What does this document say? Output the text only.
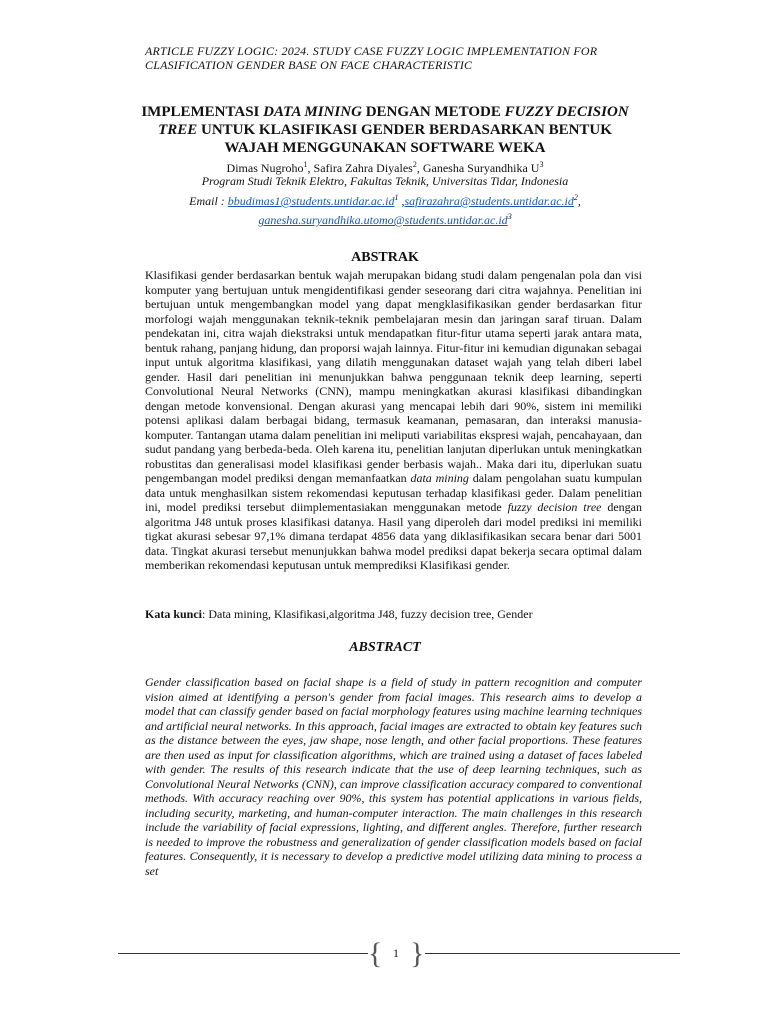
ARTICLE FUZZY LOGIC: 2024. STUDY CASE FUZZY LOGIC IMPLEMENTATION FOR CLASIFICATION GENDER BASE ON FACE CHARACTERISTIC
IMPLEMENTASI DATA MINING DENGAN METODE FUZZY DECISION TREE UNTUK KLASIFIKASI GENDER BERDASARKAN BENTUK WAJAH MENGGUNAKAN SOFTWARE WEKA
Dimas Nugroho$^1$, Safira Zahra Diyales$^2$, Ganesha Suryandhika $U^3$
Program Studi Teknik Elektro, Fakultas Teknik, Universitas Tidar, Indonesia
Email : $bbudimas1@students.untidar.ac.id^1$ $,safirazahra@students.untidar.ac.id^2$,
$ganesha.suryandhika.utomo@students.untidar.ac.id^3$
ABSTRAK
Klasifikasi gender berdasarkan bentuk wajah merupakan bidang studi dalam pengenalan pola dan visi komputer yang bertujuan untuk mengidentifikasi gender seseorang dari citra wajahnya. Penelitian ini bertujuan untuk mengembangkan model yang dapat mengklasifikasikan gender berdasarkan fitur morfologi wajah menggunakan teknik-teknik pembelajaran mesin dan jaringan saraf tiruan. Dalam pendekatan ini, citra wajah diekstraksi untuk mendapatkan fitur-fitur utama seperti jarak antara mata, bentuk rahang, panjang hidung, dan proporsi wajah lainnya. Fitur-fitur ini kemudian digunakan sebagai input untuk algoritma klasifikasi, yang dilatih menggunakan dataset wajah yang telah diberi label gender. Hasil dari penelitian ini menunjukkan bahwa penggunaan teknik deep learning, seperti Convolutional Neural Networks (CNN), mampu meningkatkan akurasi klasifikasi dibandingkan dengan metode konvensional. Dengan akurasi yang mencapai lebih dari 90%, sistem ini memiliki potensi aplikasi dalam berbagai bidang, termasuk keamanan, pemasaran, dan interaksi manusia-komputer. Tantangan utama dalam penelitian ini meliputi variabilitas ekspresi wajah, pencahayaan, dan sudut pandang yang berbeda-beda. Oleh karena itu, penelitian lanjutan diperlukan untuk meningkatkan robustitas dan generalisasi model klasifikasi gender berbasis wajah.. Maka dari itu, diperlukan suatu pengembangan model prediksi dengan memanfaatkan data mining dalam pengolahan suatu kumpulan data untuk menghasilkan sistem rekomendasi keputusan terhadap klasifikasi geder. Dalam penelitian ini, model prediksi tersebut diimplementasiakan menggunakan metode fuzzy decision tree dengan algoritma J48 untuk proses klasifikasi datanya. Hasil yang diperoleh dari model prediksi ini memiliki tigkat akurasi sebesar 97,1% dimana terdapat 4856 data yang diklasifikasikan secara benar dari 5001 data. Tingkat akurasi tersebut menunjukkan bahwa model prediksi dapat bekerja secara optimal dalam memberikan rekomendasi keputusan untuk memprediksi Klasifikasi gender.
Kata kunci: Data mining, Klasifikasi,algoritma J48, fuzzy decision tree, Gender
ABSTRACT
Gender classification based on facial shape is a field of study in pattern recognition and computer vision aimed at identifying a person's gender from facial images. This research aims to develop a model that can classify gender based on facial morphology features using machine learning techniques and artificial neural networks. In this approach, facial images are extracted to obtain key features such as the distance between the eyes, jaw shape, nose length, and other facial proportions. These features are then used as input for classification algorithms, which are trained using a dataset of faces labeled with gender. The results of this research indicate that the use of deep learning techniques, such as Convolutional Neural Networks (CNN), can improve classification accuracy compared to conventional methods. With accuracy reaching over 90%, this system has potential applications in various fields, including security, marketing, and human-computer interaction. The main challenges in this research include the variability of facial expressions, lighting, and different angles. Therefore, further research is needed to improve the robustness and generalization of gender classification models based on facial features. Consequently, it is necessary to develop a predictive model utilizing data mining to process a set
{ 1 }
